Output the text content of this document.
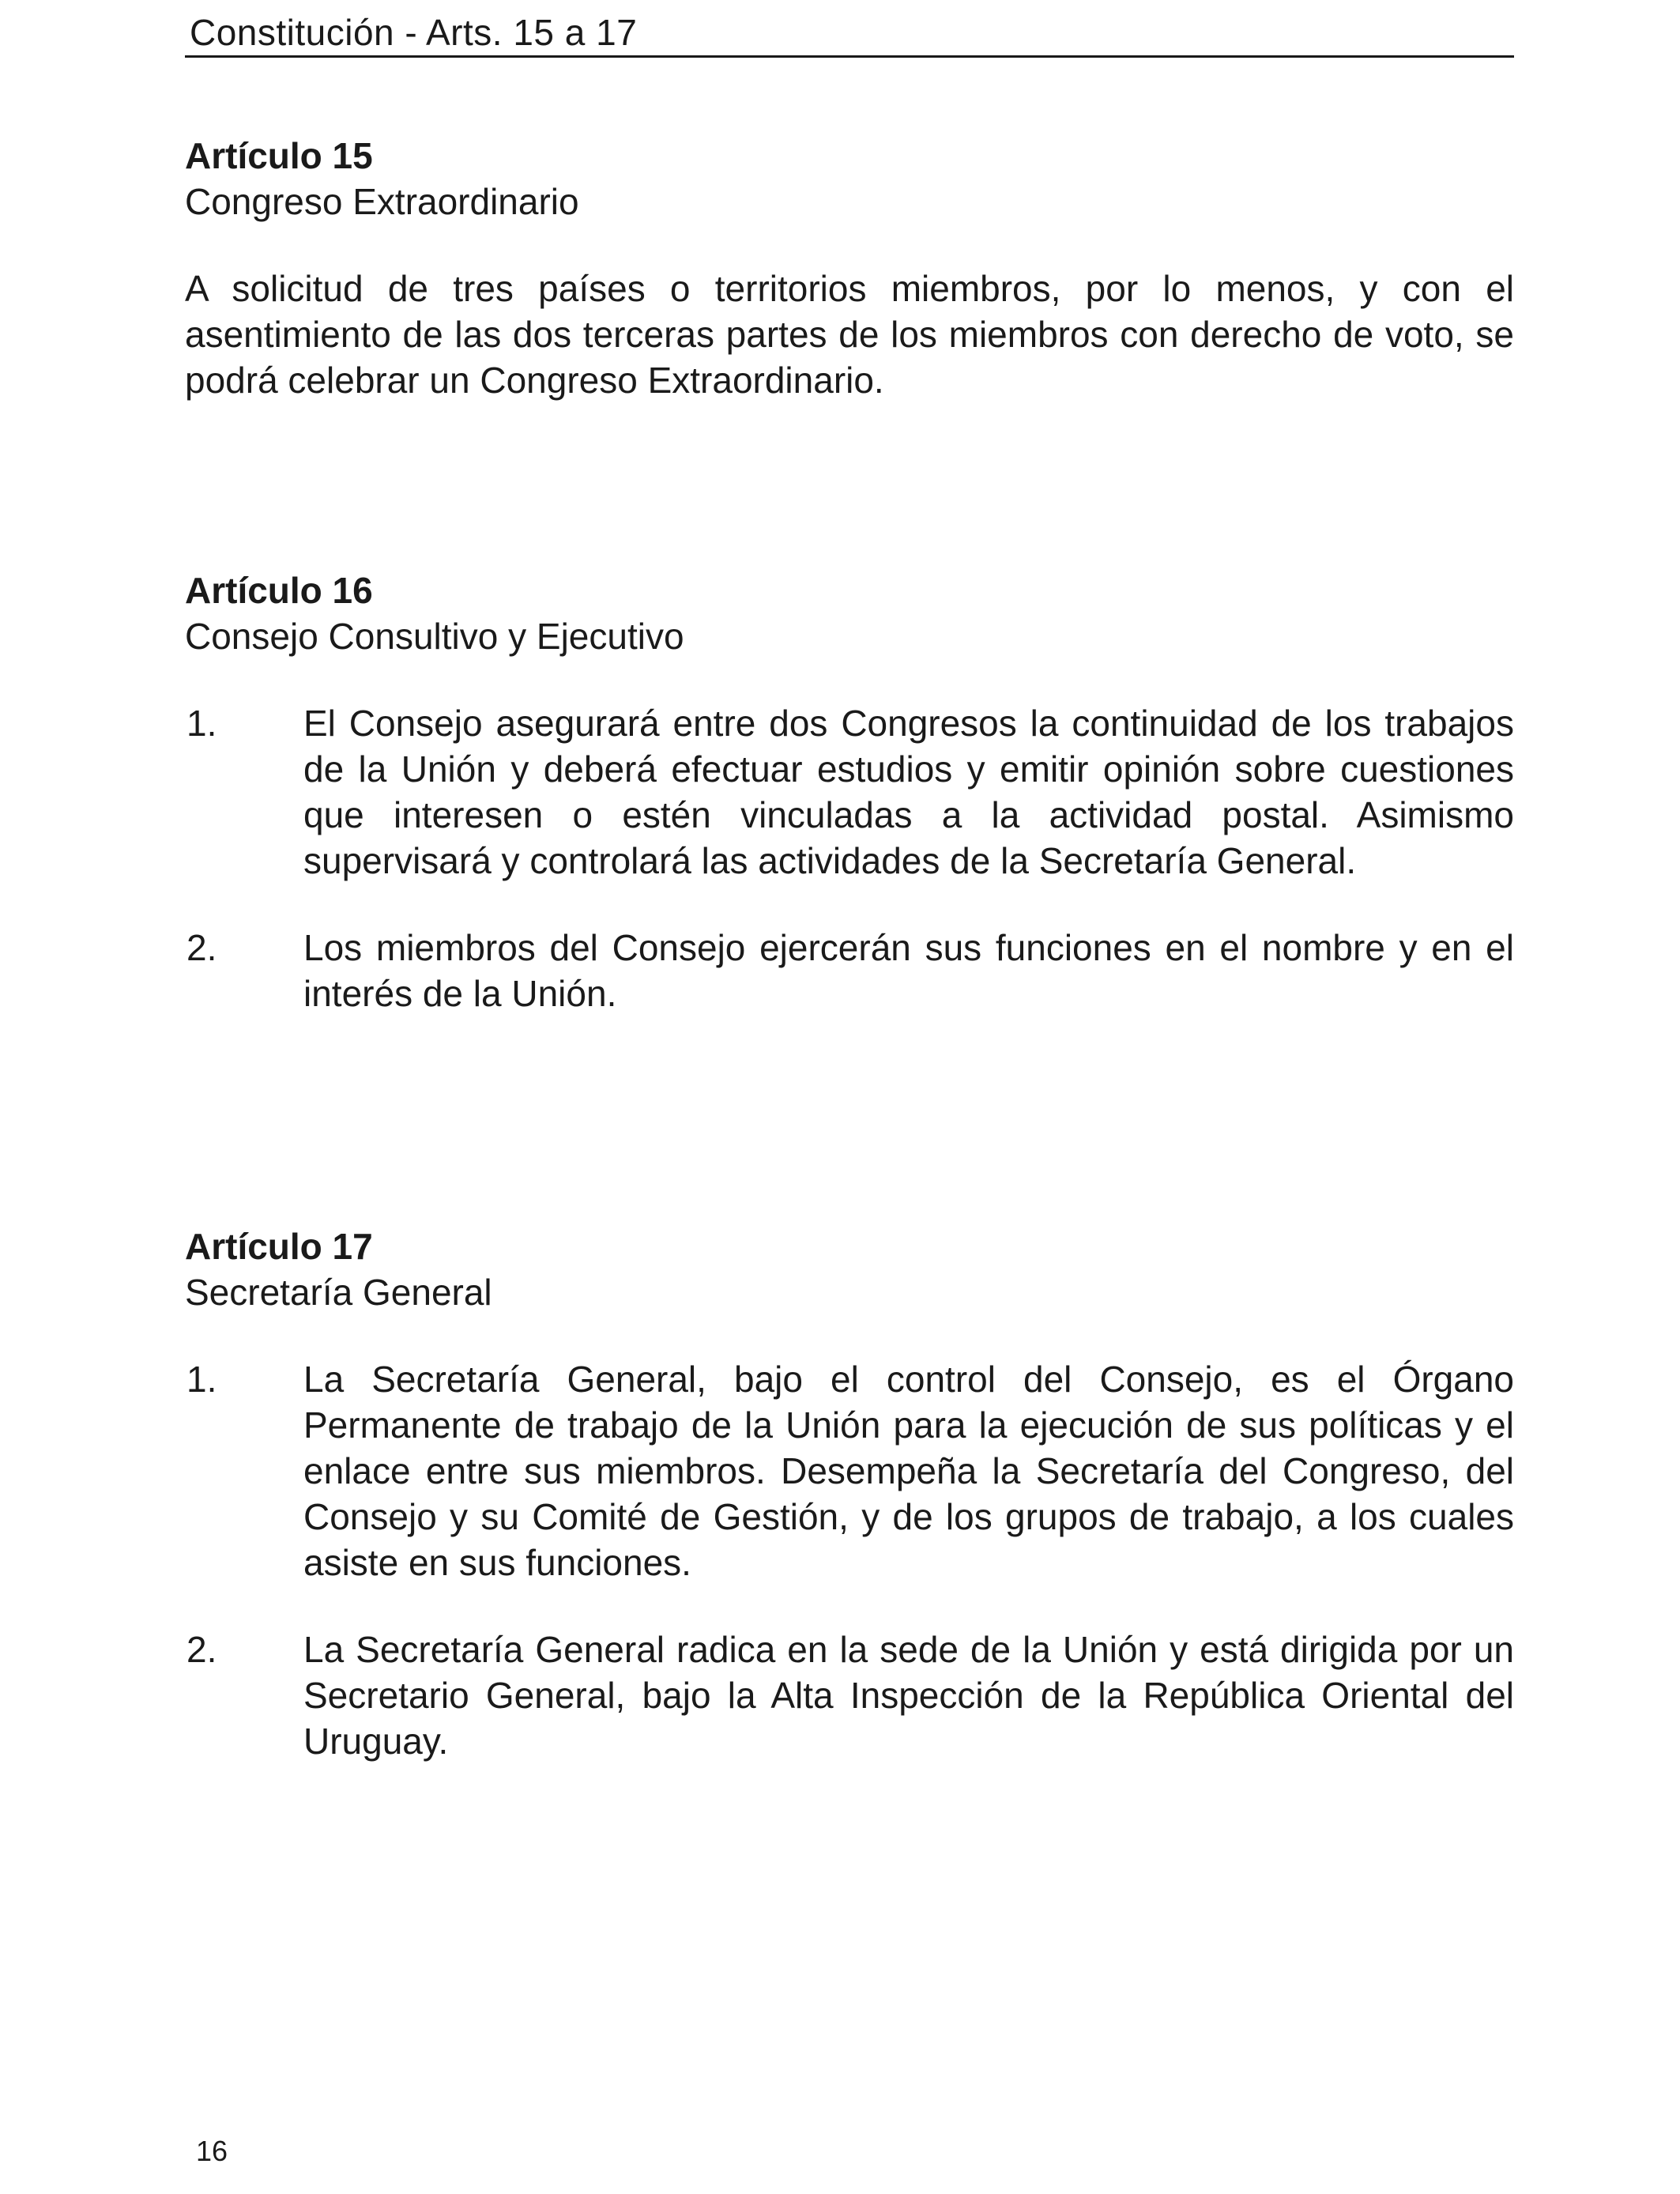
Constitución - Arts. 15 a 17

Artículo 15

Congreso Extraordinario

A solicitud de tres países o territorios miembros, por lo menos, y con el asentimiento de las dos terceras partes de los miembros con derecho de voto, se podrá celebrar un Congreso Extraordinario.

Artículo 16

Consejo Consultivo y Ejecutivo

1.	El Consejo asegurará entre dos Congresos la continuidad de los trabajos de la Unión y deberá efectuar estudios y emitir opinión sobre cuestiones que interesen o estén vinculadas a la actividad postal. Asimismo supervisará y controlará las actividades de la Secretaría General.
2.	Los miembros del Consejo ejercerán sus funciones en el nombre y en el interés de la Unión.

Artículo 17

Secretaría General

1.	La Secretaría General, bajo el control del Consejo, es el Órgano Permanente de trabajo de la Unión para la ejecución de sus políticas y el enlace entre sus miembros. Desempeña la Secretaría del Congreso, del Consejo y su Comité de Gestión, y de los grupos de trabajo, a los cuales asiste en sus funciones.
2.	La Secretaría General radica en la sede de la Unión y está dirigida por un Secretario General, bajo la Alta Inspección de la República Oriental del Uruguay.
16
